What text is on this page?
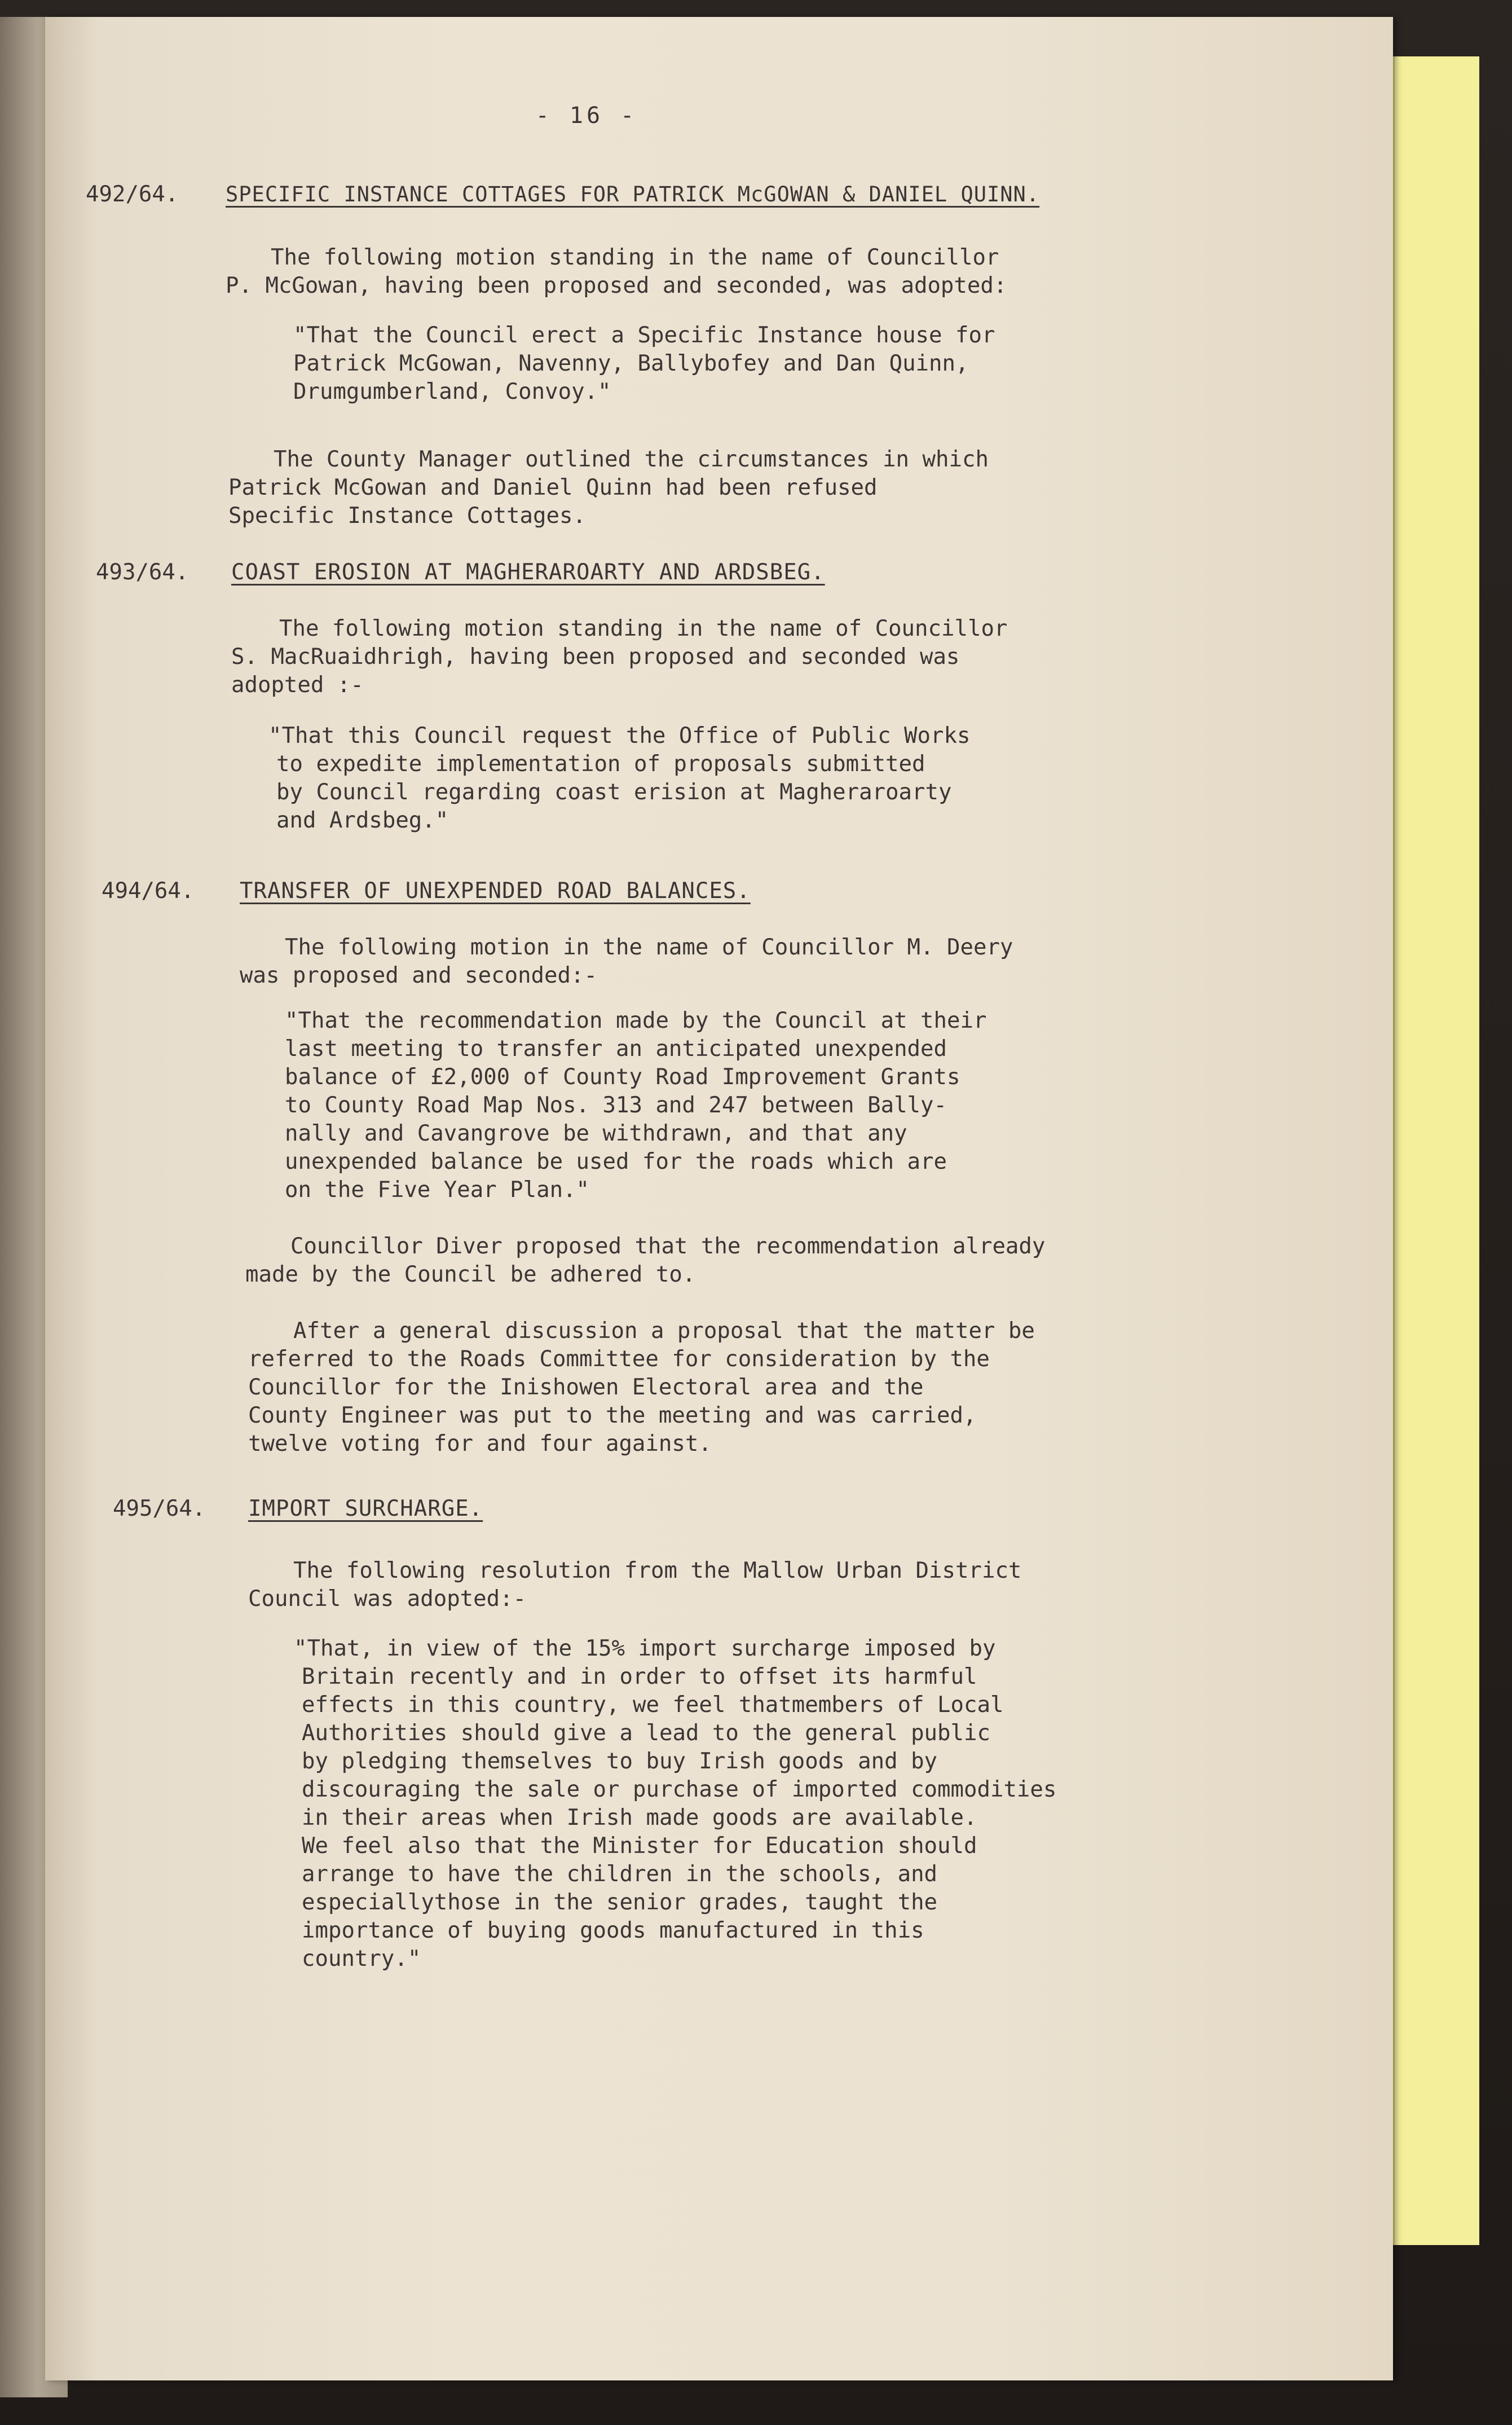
- 16 -
492/64. SPECIFIC INSTANCE COTTAGES FOR PATRICK McGOWAN & DANIEL QUINN.

The following motion standing in the name of Councillor
P. McGowan, having been proposed and seconded, was adopted:

"That the Council erect a Specific Instance house for
Patrick McGowan, Navenny, Ballybofey and Dan Quinn,
Drumgumberland, Convoy."

The County Manager outlined the circumstances in which
Patrick McGowan and Daniel Quinn had been refused
Specific Instance Cottages.

493/64. COAST EROSION AT MAGHERAROARTY AND ARDSBEG.

The following motion standing in the name of Councillor
S. MacRuaidhrigh, having been proposed and seconded was
adopted :-

"That this Council request the Office of Public Works
to expedite implementation of proposals submitted
by Council regarding coast erision at Magheraroarty
and Ardsbeg."
494/64. TRANSFER OF UNEXPENDED ROAD BALANCES.

The following motion in the name of Councillor M. Deery
was proposed and seconded:-

"That the recommendation made by the Council at their
last meeting to transfer an anticipated unexpended
balance of £2,000 of County Road Improvement Grants
to County Road Map Nos. 313 and 247 between Bally-
nally and Cavangrove be withdrawn, and that any
unexpended balance be used for the roads which are
on the Five Year Plan."

Councillor Diver proposed that the recommendation already
made by the Council be adhered to.

After a general discussion a proposal that the matter be
referred to the Roads Committee for consideration by the
Councillor for the Inishowen Electoral area and the
County Engineer was put to the meeting and was carried,
twelve voting for and four against.

495/64. IMPORT SURCHARGE.

The following resolution from the Mallow Urban District
Council was adopted:-

"That, in view of the 15% import surcharge imposed by
Britain recently and in order to offset its harmful
effects in this country, we feel thatmembers of Local
Authorities should give a lead to the general public
by pledging themselves to buy Irish goods and by
discouraging the sale or purchase of imported commodities
in their areas when Irish made goods are available.
We feel also that the Minister for Education should
arrange to have the children in the schools, and
especiallythose in the senior grades, taught the
importance of buying goods manufactured in this
country."
